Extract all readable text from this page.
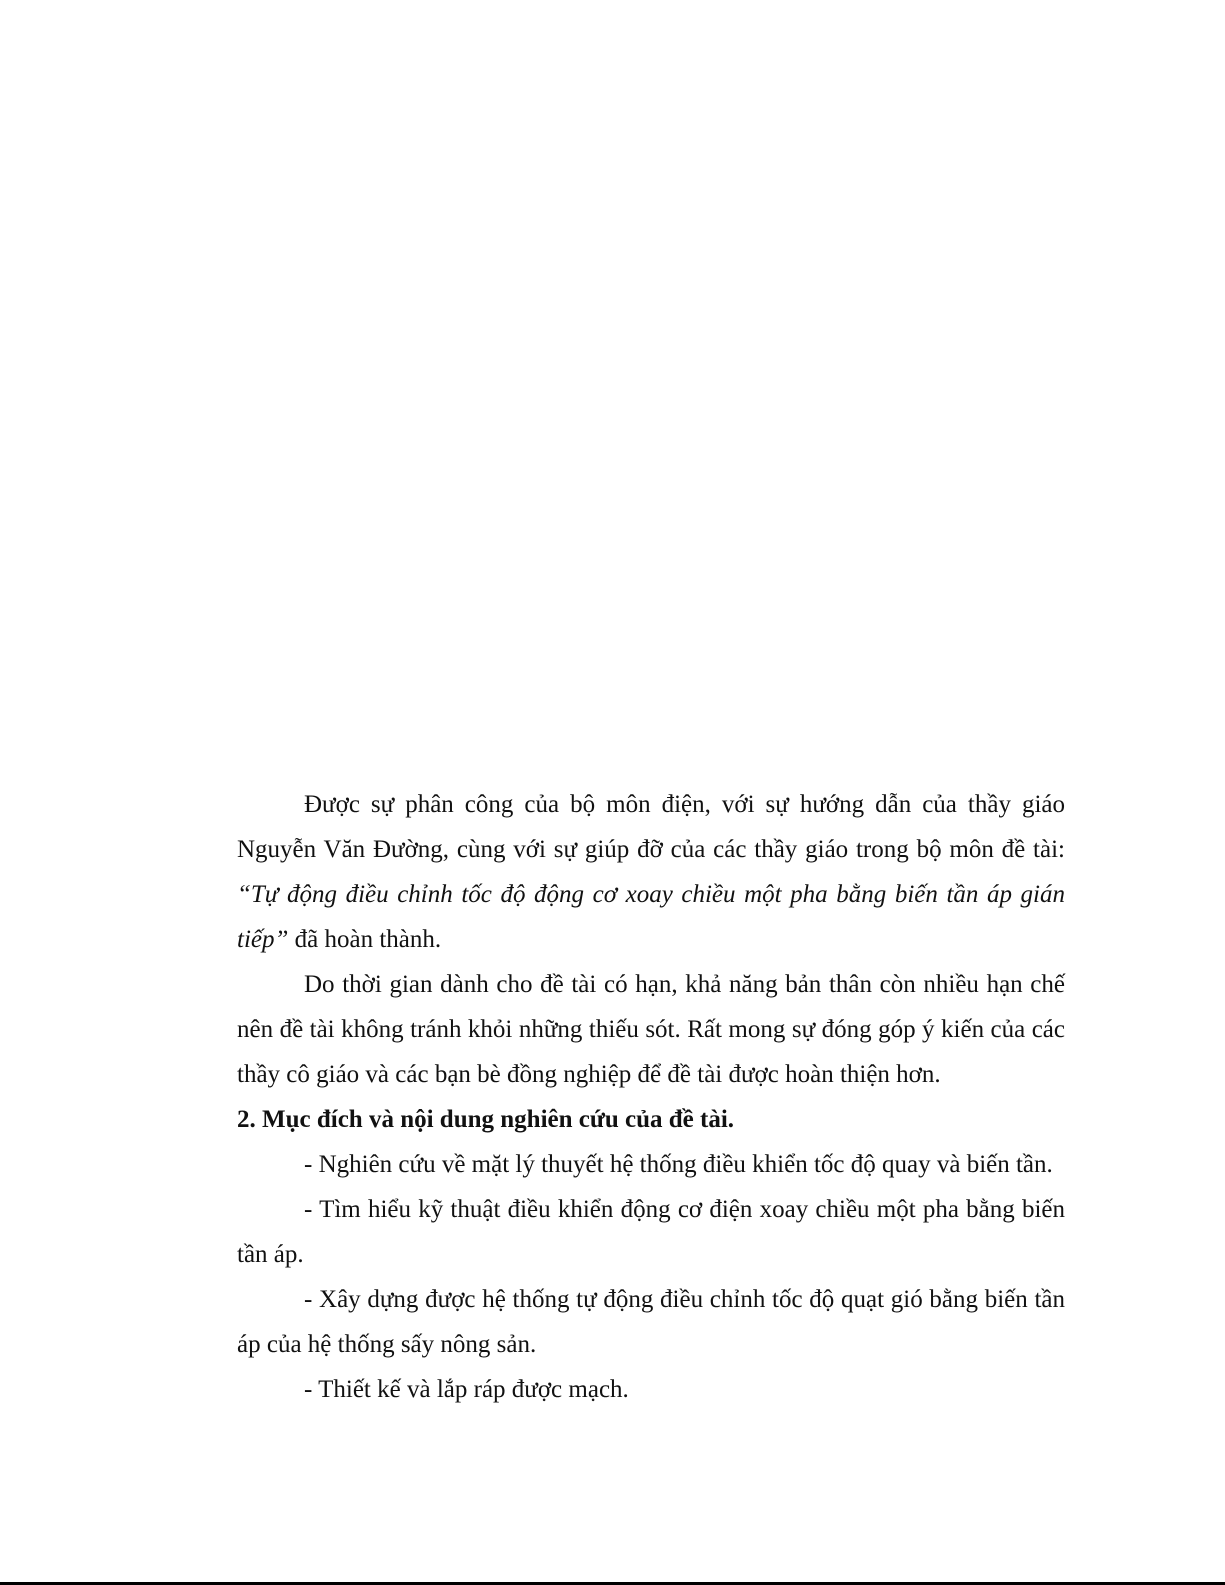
Được sự phân công của bộ môn điện, với sự hướng dẫn của thầy giáo Nguyễn Văn Đường, cùng với sự giúp đỡ của các thầy giáo trong bộ môn đề tài: “Tự động điều chỉnh tốc độ động cơ xoay chiều một pha bằng biến tần áp gián tiếp” đã hoàn thành.

Do thời gian dành cho đề tài có hạn, khả năng bản thân còn nhiều hạn chế nên đề tài không tránh khỏi những thiếu sót. Rất mong sự đóng góp ý kiến của các thầy cô giáo và các bạn bè đồng nghiệp để đề tài được hoàn thiện hơn.

2. Mục đích và nội dung nghiên cứu của đề tài.

- Nghiên cứu về mặt lý thuyết hệ thống điều khiển tốc độ quay và biến tần.

- Tìm hiểu kỹ thuật điều khiển động cơ điện xoay chiều một pha bằng biến tần áp.

- Xây dựng được hệ thống tự động điều chỉnh tốc độ quạt gió bằng biến tần áp của hệ thống sấy nông sản.

- Thiết kế và lắp ráp được mạch.
